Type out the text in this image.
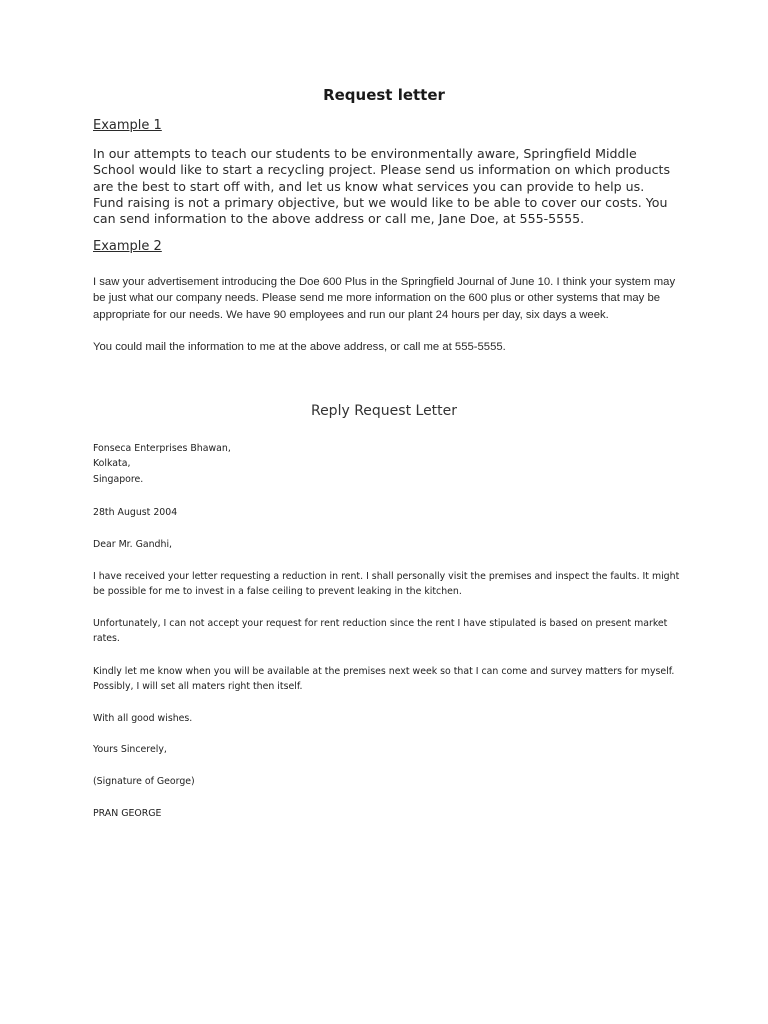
Request letter
Example 1

In our attempts to teach our students to be environmentally aware, Springfield Middle School would like to start a recycling project. Please send us information on which products are the best to start off with, and let us know what services you can provide to help us. Fund raising is not a primary objective, but we would like to be able to cover our costs. You can send information to the above address or call me, Jane Doe, at 555-5555.

Example 2

I saw your advertisement introducing the Doe 600 Plus in the Springfield Journal of June 10. I think your system may be just what our company needs. Please send me more information on the 600 plus or other systems that may be appropriate for our needs. We have 90 employees and run our plant 24 hours per day, six days a week.

You could mail the information to me at the above address, or call me at 555-5555.

Reply Request Letter
Fonseca Enterprises Bhawan,
Kolkata,
Singapore.
28th August 2004
Dear Mr. Gandhi,

I have received your letter requesting a reduction in rent. I shall personally visit the premises and inspect the faults. It might be possible for me to invest in a false ceiling to prevent leaking in the kitchen.

Unfortunately, I can not accept your request for rent reduction since the rent I have stipulated is based on present market rates.

Kindly let me know when you will be available at the premises next week so that I can come and survey matters for myself. Possibly, I will set all maters right then itself.

With all good wishes.
Yours Sincerely,
(Signature of George)
PRAN GEORGE
